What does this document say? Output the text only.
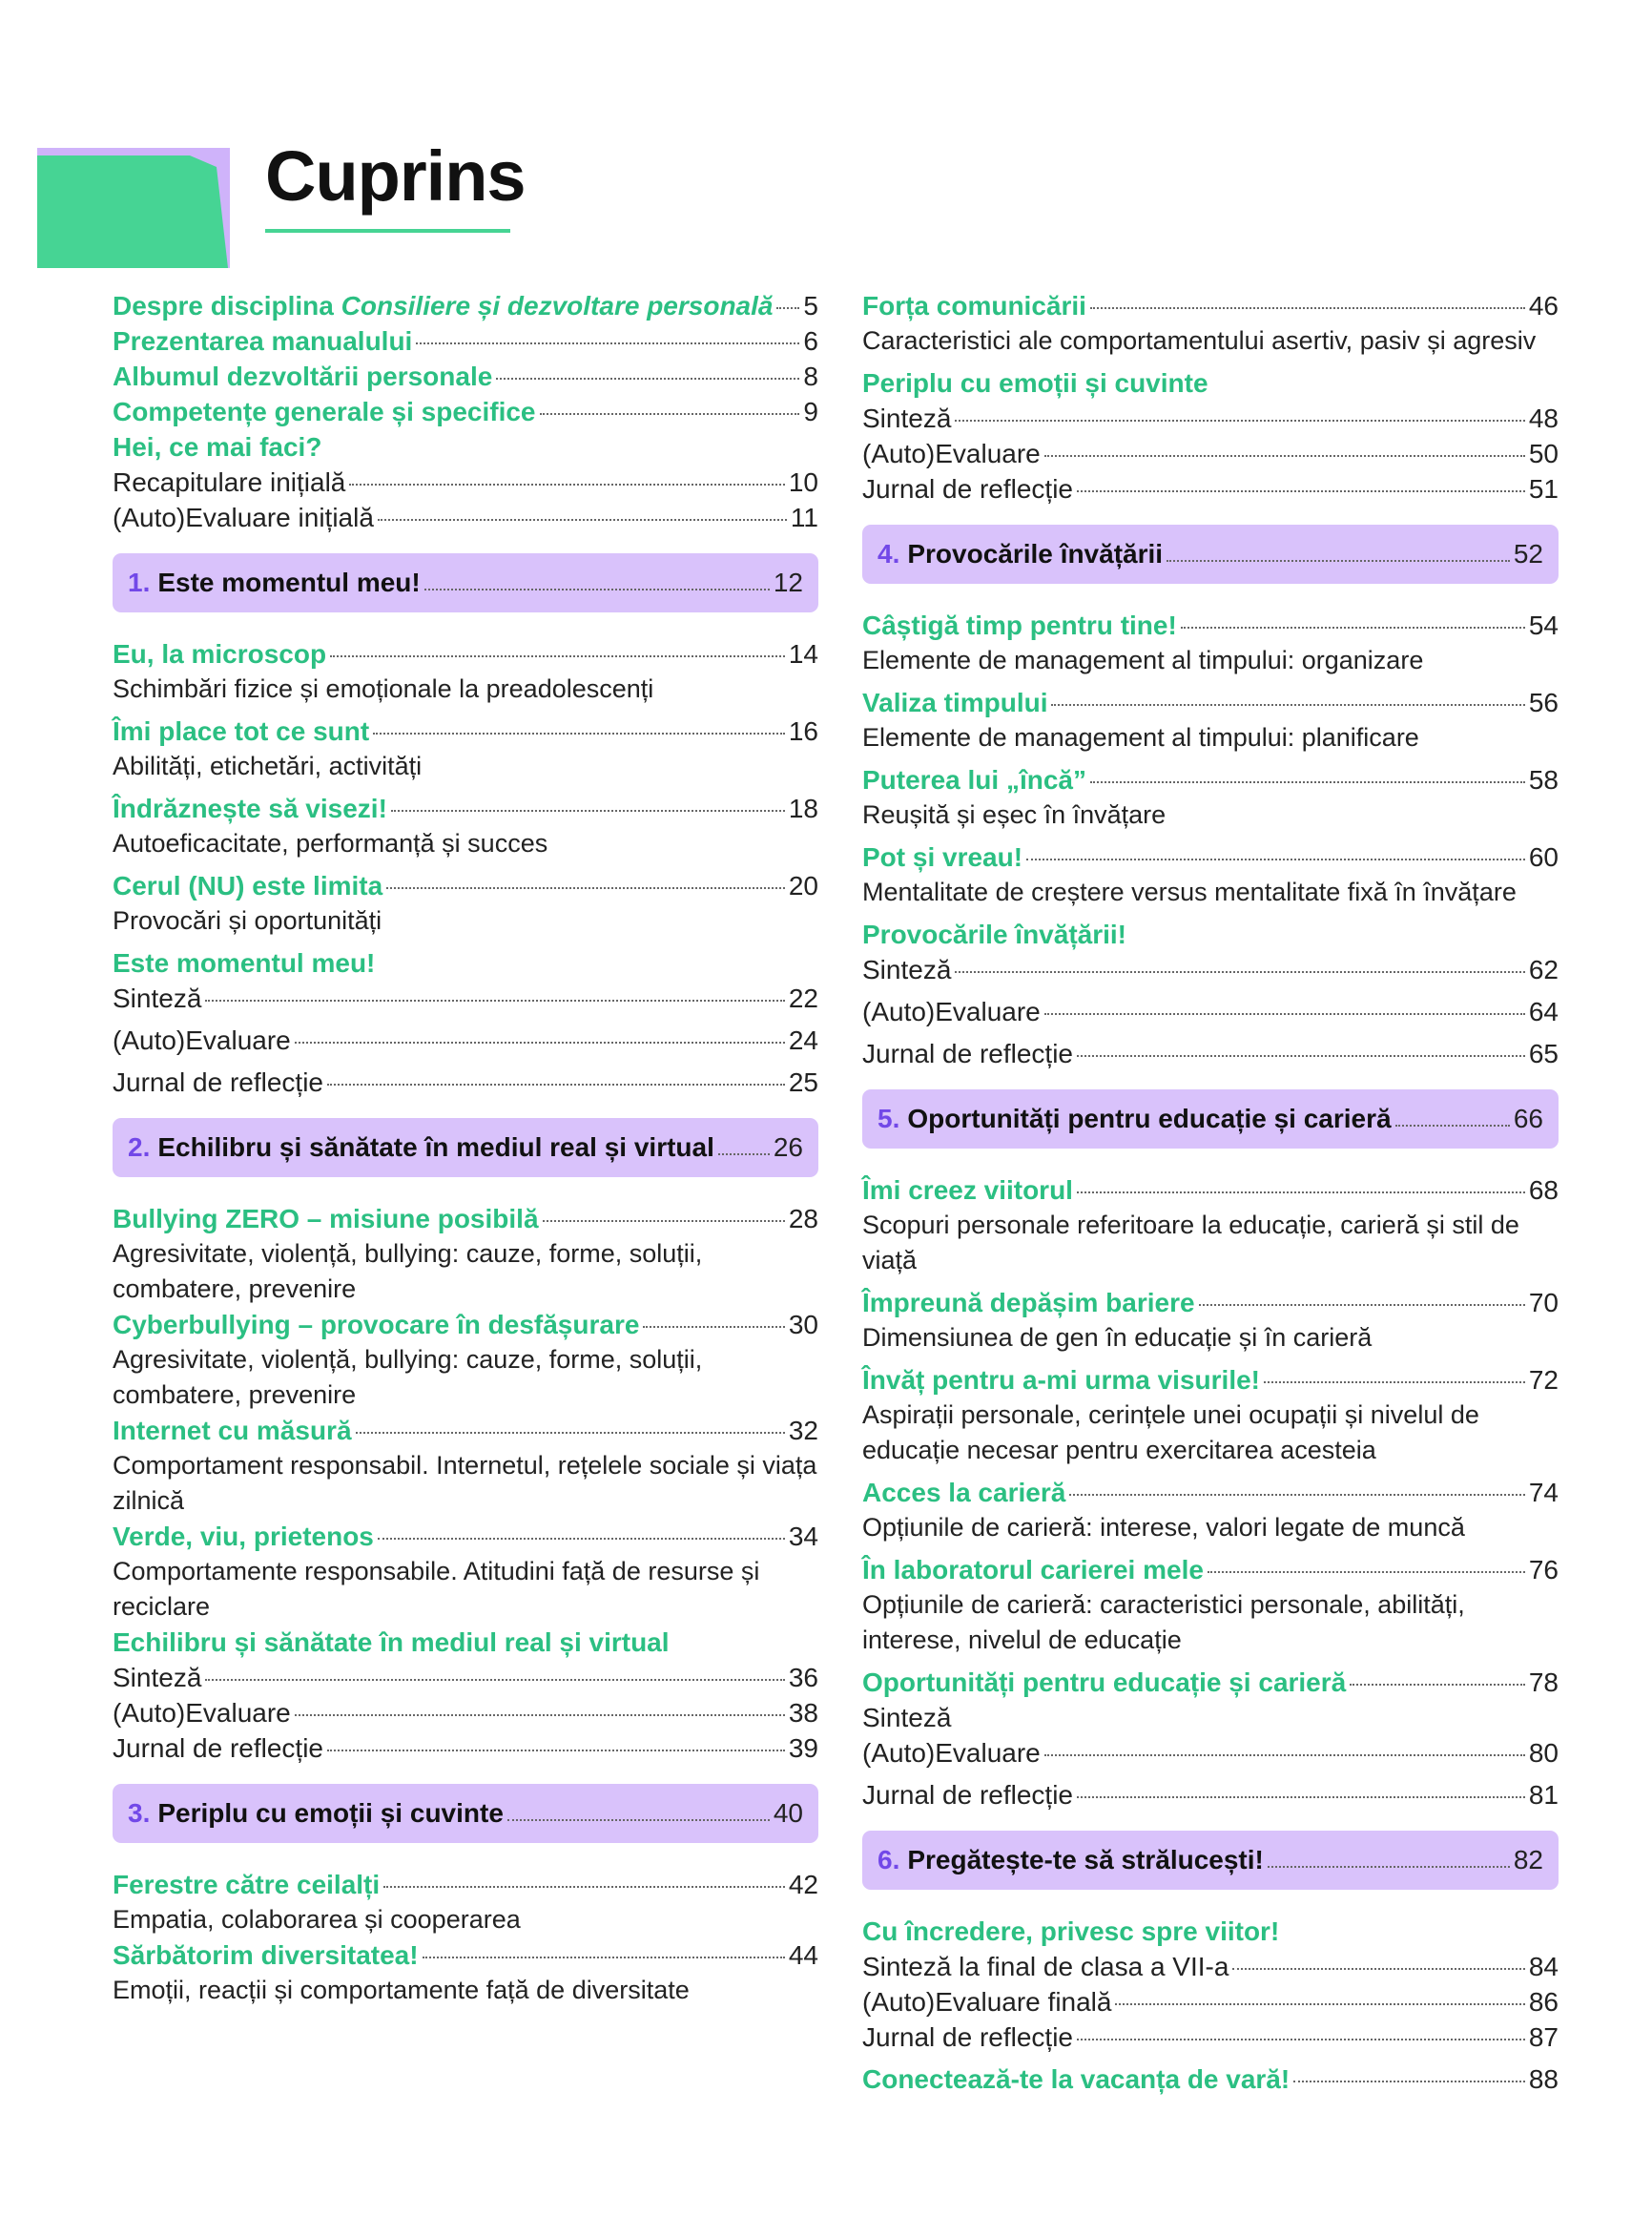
Cuprins
Despre disciplina Consiliere și dezvoltare personală 5
Prezentarea manualului	6
Albumul dezvoltării personale	8
Competențe generale și specifice	9
Hei, ce mai faci?
Recapitulare inițială	10
(Auto)Evaluare inițială	11
1. Este momentul meu!	12
Eu, la microscop	14
Schimbări fizice și emoționale la preadolescenți
Îmi place tot ce sunt	16
Abilități, etichetări, activități
Îndrăznește să visezi!	18
Autoeficacitate, performanță și succes
Cerul (NU) este limita	20
Provocări și oportunități
Este momentul meu!
Sinteză	22
(Auto)Evaluare	24
Jurnal de reflecție	25
2. Echilibru și sănătate în mediul real și virtual 26
Bullying ZERO – misiune posibilă	28
Agresivitate, violență, bullying: cauze, forme, soluții, combatere, prevenire
Cyberbullying – provocare în desfășurare	30
Agresivitate, violență, bullying: cauze, forme, soluții, combatere, prevenire
Internet cu măsură	32
Comportament responsabil. Internetul, rețelele sociale și viața zilnică
Verde, viu, prietenos	34
Comportamente responsabile. Atitudini față de resurse și reciclare
Echilibru și sănătate în mediul real și virtual
Sinteză	36
(Auto)Evaluare	38
Jurnal de reflecție	39
3. Periplu cu emoții și cuvinte	40
Ferestre către ceilalți	42
Empatia, colaborarea și cooperarea
Sărbătorim diversitatea!	44
Emoții, reacții și comportamente față de diversitate
Forța comunicării	46
Caracteristici ale comportamentului asertiv, pasiv și agresiv
Periplu cu emoții și cuvinte
Sinteză	48
(Auto)Evaluare	50
Jurnal de reflecție	51
4. Provocările învățării	52
Câștigă timp pentru tine!	54
Elemente de management al timpului: organizare
Valiza timpului	56
Elemente de management al timpului: planificare
Puterea lui „încă”	58
Reușită și eșec în învățare
Pot și vreau!	60
Mentalitate de creștere versus mentalitate fixă în învățare
Provocările învățării!
Sinteză	62
(Auto)Evaluare	64
Jurnal de reflecție	65
5. Oportunități pentru educație și carieră	66
Îmi creez viitorul	68
Scopuri personale referitoare la educație, carieră și stil de viață
Împreună depășim bariere	70
Dimensiunea de gen în educație și în carieră
Învăț pentru a-mi urma visurile!	72
Aspirații personale, cerințele unei ocupații și nivelul de educație necesar pentru exercitarea acesteia
Acces la carieră	74
Opțiunile de carieră: interese, valori legate de muncă
În laboratorul carierei mele	76
Opțiunile de carieră: caracteristici personale, abilități, interese, nivelul de educație
Oportunități pentru educație și carieră	78
Sinteză
(Auto)Evaluare	80
Jurnal de reflecție	81
6. Pregătește-te să strălucești!	82
Cu încredere, privesc spre viitor!
Sinteză la final de clasa a VII-a	84
(Auto)Evaluare finală	86
Jurnal de reflecție	87
Conectează-te la vacanța de vară!	88
